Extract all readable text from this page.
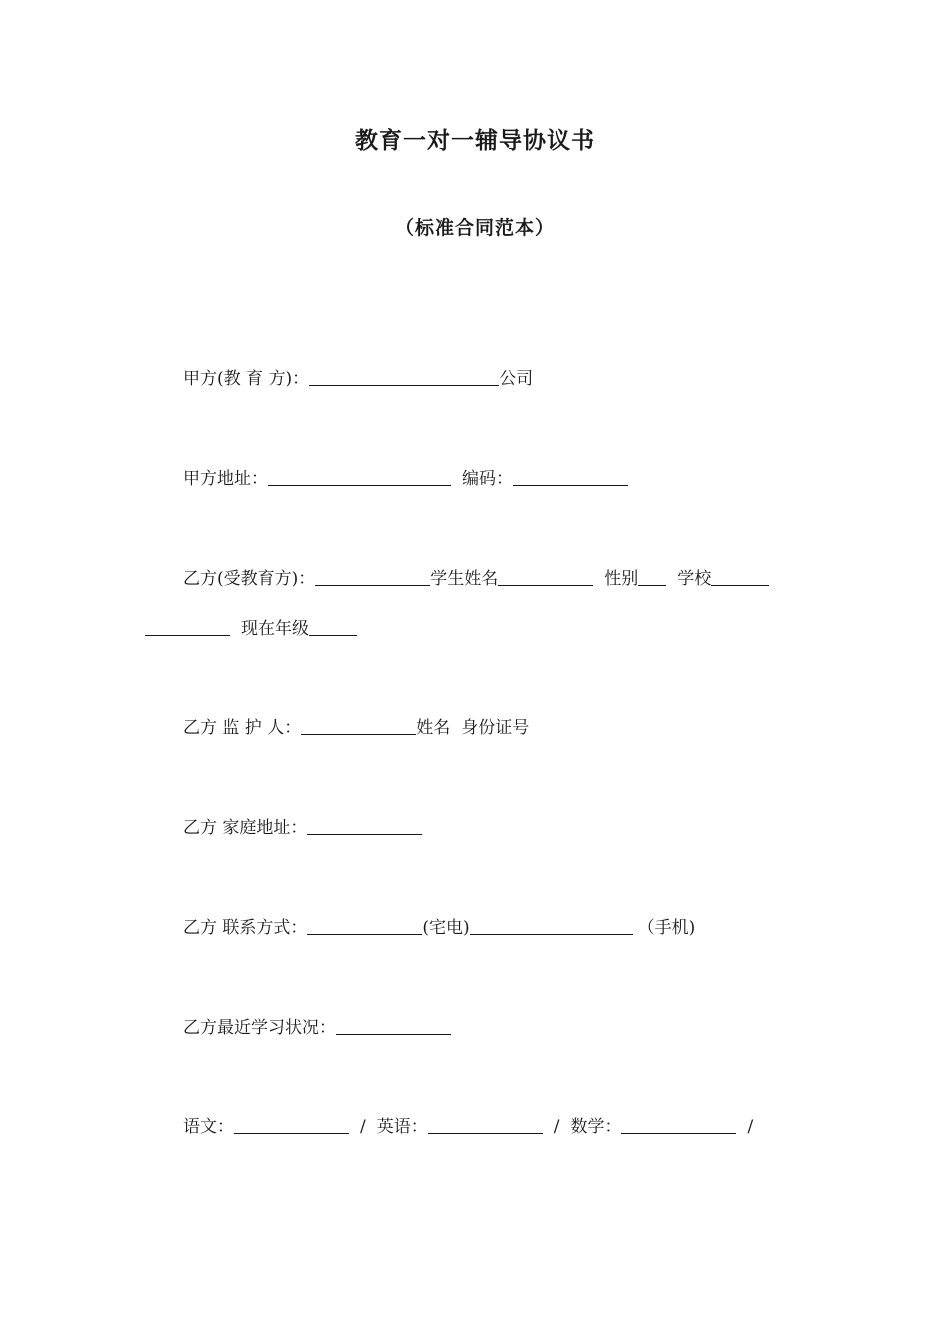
教育一对一辅导协议书
（标准合同范本）
甲方(教 育 方)：	公司
甲方地址：	编码：
乙方(受教育方)：	学生姓名	性别 学校
现在年级
乙方 监 护 人：	姓名 身份证号
乙方 家庭地址：
乙方 联系方式：	(宅电)	（手机)
乙方最近学习状况：
语文：	/ 英语：	/ 数学：	/
